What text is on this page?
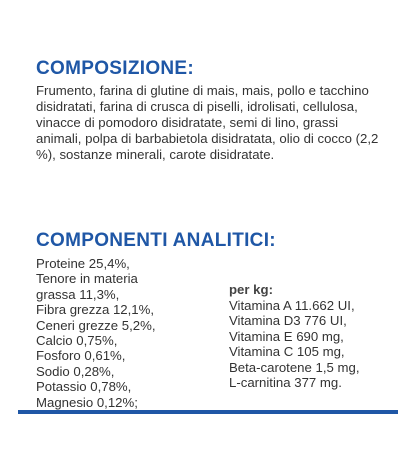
COMPOSIZIONE:

Frumento, farina di glutine di mais, mais, pollo e tacchino disidratati, farina di crusca di piselli, idrolisati, cellulosa, vinacce di pomodoro disidratate, semi di lino, grassi animali, polpa di barbabietola disidratata, olio di cocco (2,2 %), sostanze minerali, carote disidratate.

COMPONENTI ANALITICI:
Proteine 25,4%,
Tenore in materia
grassa 11,3%,
Fibra grezza 12,1%,
Ceneri grezze 5,2%,
Calcio 0,75%,
Fosforo 0,61%,
Sodio 0,28%,
Potassio 0,78%,
Magnesio 0,12%;

per kg:

Vitamina A 11.662 UI,
Vitamina D3 776 UI,
Vitamina E 690 mg,
Vitamina C 105 mg,
Beta-carotene 1,5 mg,
L-carnitina 377 mg.
